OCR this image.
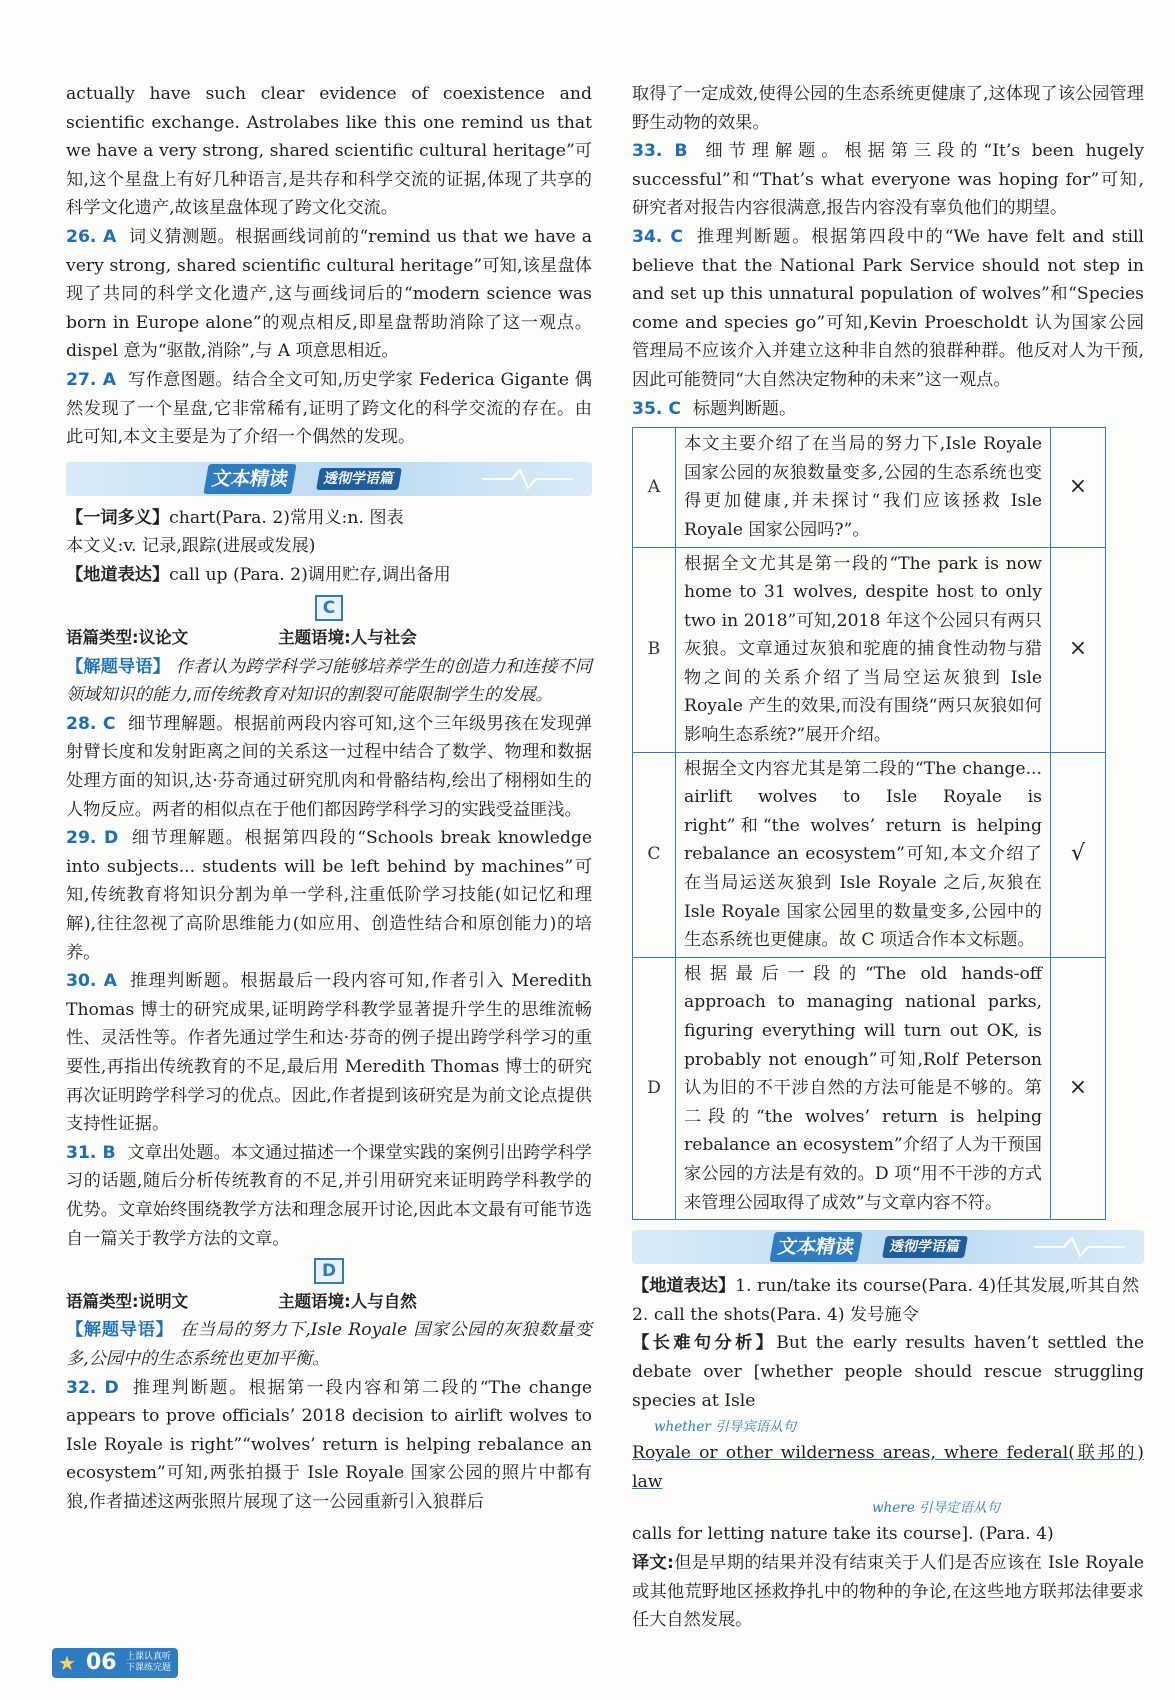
actually have such clear evidence of coexistence and scientific exchange. Astrolabes like this one remind us that we have a very strong, shared scientific cultural heritage”可知,这个星盘上有好几种语言,是共存和科学交流的证据,体现了共享的科学文化遗产,故该星盘体现了跨文化交流。

26. A 词义猜测题。根据画线词前的“remind us that we have a very strong, shared scientific cultural heritage”可知,该星盘体现了共同的科学文化遗产,这与画线词后的“modern science was born in Europe alone”的观点相反,即星盘帮助消除了这一观点。dispel 意为“驱散,消除”,与 A 项意思相近。

27. A 写作意图题。结合全文可知,历史学家 Federica Gigante 偶然发现了一个星盘,它非常稀有,证明了跨文化的科学交流的存在。由此可知,本文主要是为了介绍一个偶然的发现。

文本精读	透彻学语篇

【一词多义】chart(Para. 2)常用义:n. 图表

本文义:v. 记录,跟踪(进展或发展)

【地道表达】call up (Para. 2)调用贮存,调出备用

C

语篇类型:议论文	主题语境:人与社会

【解题导语】 作者认为跨学科学习能够培养学生的创造力和连接不同领域知识的能力,而传统教育对知识的割裂可能限制学生的发展。

28. C 细节理解题。根据前两段内容可知,这个三年级男孩在发现弹射臂长度和发射距离之间的关系这一过程中结合了数学、物理和数据处理方面的知识,达·芬奇通过研究肌肉和骨骼结构,绘出了栩栩如生的人物反应。两者的相似点在于他们都因跨学科学习的实践受益匪浅。

29. D 细节理解题。根据第四段的“Schools break knowledge into subjects... students will be left behind by machines”可知,传统教育将知识分割为单一学科,注重低阶学习技能(如记忆和理解),往往忽视了高阶思维能力(如应用、创造性结合和原创能力)的培养。

30. A 推理判断题。根据最后一段内容可知,作者引入 Meredith Thomas 博士的研究成果,证明跨学科教学显著提升学生的思维流畅性、灵活性等。作者先通过学生和达·芬奇的例子提出跨学科学习的重要性,再指出传统教育的不足,最后用 Meredith Thomas 博士的研究再次证明跨学科学习的优点。因此,作者提到该研究是为前文论点提供支持性证据。

31. B 文章出处题。本文通过描述一个课堂实践的案例引出跨学科学习的话题,随后分析传统教育的不足,并引用研究来证明跨学科教学的优势。文章始终围绕教学方法和理念展开讨论,因此本文最有可能节选自一篇关于教学方法的文章。

D

语篇类型:说明文	主题语境:人与自然

【解题导语】 在当局的努力下,Isle Royale 国家公园的灰狼数量变多,公园中的生态系统也更加平衡。

32. D 推理判断题。根据第一段内容和第二段的“The change appears to prove officials’ 2018 decision to airlift wolves to Isle Royale is right”“wolves’ return is helping rebalance an ecosystem”可知,两张拍摄于 Isle Royale 国家公园的照片中都有狼,作者描述这两张照片展现了这一公园重新引入狼群后

取得了一定成效,使得公园的生态系统更健康了,这体现了该公园管理野生动物的效果。

33. B 细节理解题。根据第三段的“It’s been hugely successful”和“That’s what everyone was hoping for”可知,研究者对报告内容很满意,报告内容没有辜负他们的期望。

34. C 推理判断题。根据第四段中的“We have felt and still believe that the National Park Service should not step in and set up this unnatural population of wolves”和“Species come and species go”可知,Kevin Proescholdt 认为国家公园管理局不应该介入并建立这种非自然的狼群种群。他反对人为干预,因此可能赞同“大自然决定物种的未来”这一观点。

35. C 标题判断题。

A	本文主要介绍了在当局的努力下,Isle Royale 国家公园的灰狼数量变多,公园的生态系统也变得更加健康,并未探讨“我们应该拯救 Isle Royale 国家公园吗?”。	×
B	根据全文尤其是第一段的“The park is now home to 31 wolves, despite host to only two in 2018”可知,2018 年这个公园只有两只灰狼。文章通过灰狼和驼鹿的捕食性动物与猎物之间的关系介绍了当局空运灰狼到 Isle Royale 产生的效果,而没有围绕“两只灰狼如何影响生态系统?”展开介绍。	×
C	根据全文内容尤其是第二段的“The change... airlift wolves to Isle Royale is right”和“the wolves’ return is helping rebalance an ecosystem”可知,本文介绍了在当局运送灰狼到 Isle Royale 之后,灰狼在 Isle Royale 国家公园里的数量变多,公园中的生态系统也更健康。故 C 项适合作本文标题。	√
D	根据最后一段的“The old hands-off approach to managing national parks, figuring everything will turn out OK, is probably not enough”可知,Rolf Peterson 认为旧的不干涉自然的方法可能是不够的。第二段的“the wolves’ return is helping rebalance an ecosystem”介绍了人为干预国家公园的方法是有效的。D 项“用不干涉的方式来管理公园取得了成效”与文章内容不符。	×
文本精读	透彻学语篇

【地道表达】1. run/take its course(Para. 4)任其发展,听其自然

2. call the shots(Para. 4) 发号施令

【长难句分析】But the early results haven’t settled the debate over [whether people should rescue struggling species at Isle

whether 引导宾语从句

Royale or other wilderness areas, where federal(联邦的) law

where 引导定语从句

calls for letting nature take its course]. (Para. 4)

译文:但是早期的结果并没有结束关于人们是否应该在 Isle Royale 或其他荒野地区拯救挣扎中的物种的争论,在这些地方联邦法律要求任大自然发展。

★ 06 上课认真听
下课练完题
